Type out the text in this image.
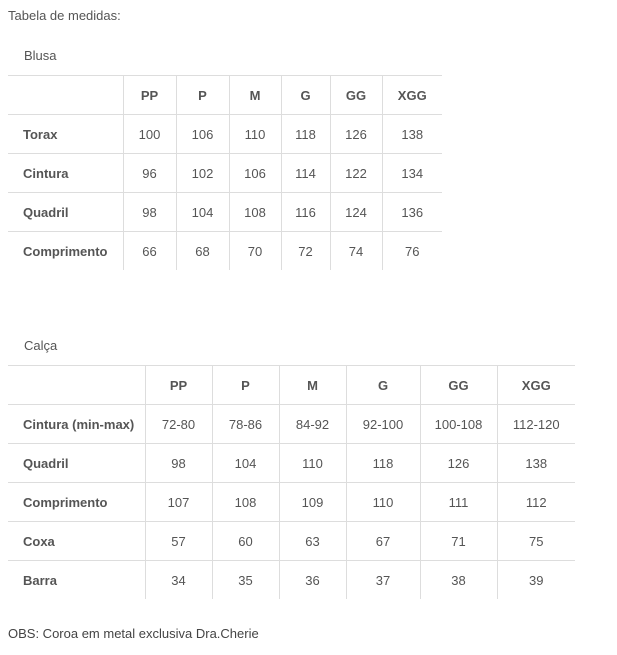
Tabela de medidas:
Blusa
	PP	P	M	G	GG	XGG
Torax	100	106	110	118	126	138
Cintura	96	102	106	114	122	134
Quadril	98	104	108	116	124	136
Comprimento	66	68	70	72	74	76
Calça
	PP	P	M	G	GG	XGG
Cintura (min-max)	72-80	78-86	84-92	92-100	100-108	112-120
Quadril	98	104	110	118	126	138
Comprimento	107	108	109	110	111	112
Coxa	57	60	63	67	71	75
Barra	34	35	36	37	38	39
OBS: Coroa em metal exclusiva Dra.Cherie
